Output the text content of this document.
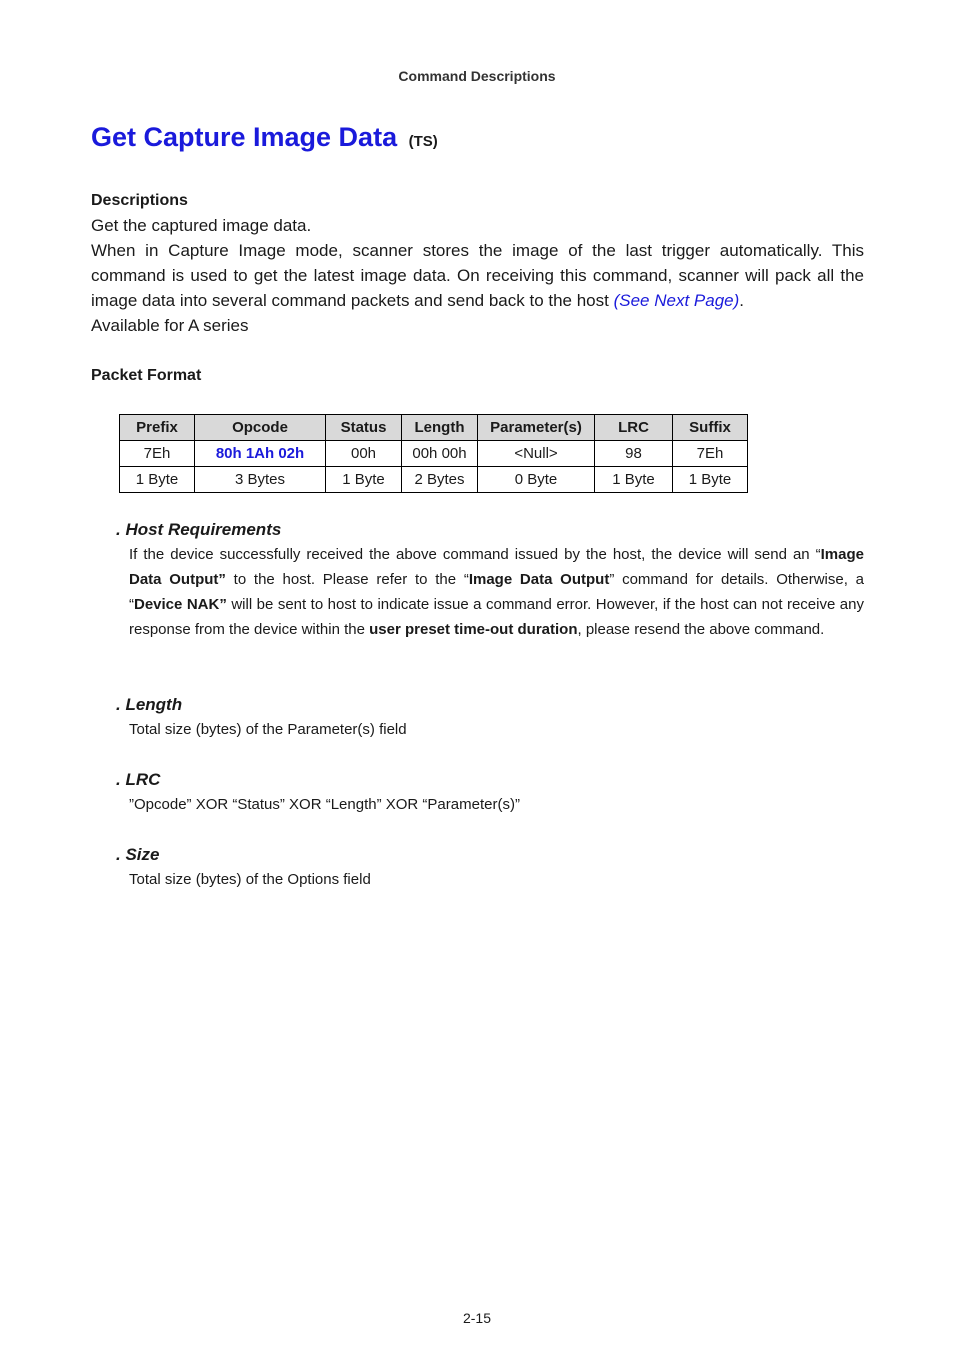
Command Descriptions
Get Capture Image Data (TS)
Descriptions

Get the captured image data.

When in Capture Image mode, scanner stores the image of the last trigger automatically. This command is used to get the latest image data. On receiving this command, scanner will pack all the image data into several command packets and send back to the host (See Next Page).

Available for A series

Packet Format
Prefix	Opcode	Status	Length	Parameter(s)	LRC	Suffix
7Eh	80h 1Ah 02h	00h	00h 00h	<Null>	98	7Eh
1 Byte	3 Bytes	1 Byte	2 Bytes	0 Byte	1 Byte	1 Byte
. Host Requirements

If the device successfully received the above command issued by the host, the device will send an “Image Data Output” to the host. Please refer to the “Image Data Output” command for details. Otherwise, a “Device NAK” will be sent to host to indicate issue a command error. However, if the host can not receive any response from the device within the user preset time-out duration, please resend the above command.

. Length

Total size (bytes) of the Parameter(s) field

. LRC

”Opcode” XOR “Status” XOR “Length” XOR “Parameter(s)”

. Size

Total size (bytes) of the Options field

2-15
